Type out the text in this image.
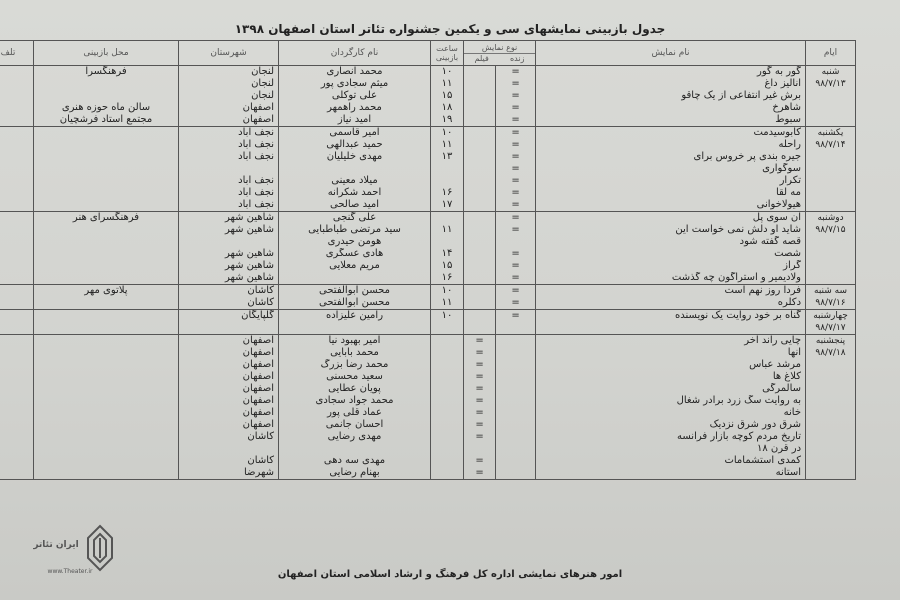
جدول بازبینی نمایشهای سی و یکمین جشنواره تئاتر استان اصفهان ۱۳۹۸
ایام	نام نمایش	نوع نمایش
زنده
فیلم		ساعت بازبینی	نام کارگردان	شهرستان	محل بازبینی	تلف

شنبه
۹۸/۷/۱۳	گور به گور	=		۱۰	محمد انصاری	لنجان	فرهنگسرا	
	آناليز داغ	=		۱۱	میثم سجادی پور	لنجان		
	برش غیر انتفاعی از یک چاقو	=		۱۵	علی توکلی	لنجان		
	شاهرخ	=		۱۸	محمد راهمهر	اصفهان	سالن ماه حوزه هنری	
	سبوط	=		۱۹	امید نیاز	اصفهان	مجتمع استاد فرشچیان	

یکشنبه
۹۸/۷/۱۴	کابوسیدمت	=		۱۰	امیر قاسمی	نجف آباد		
	راحله	=		۱۱	حمید عبدالهی	نجف آباد		
	جیره بندی پر خروس برای	=		۱۳	مهدی خلیلیان	نجف آباد		
	سوگواری	=						
	تکرار	=			میلاد معینی	نجف آباد		
	مه لقا	=		۱۶	احمد شکرانه	نجف آباد		
	هیولاخوانی	=		۱۷	امید صالحی	نجف آباد		

دوشنبه
۹۸/۷/۱۵	آن سوی پل	=			علی گنجی	شاهین شهر	فرهنگسرای هنر	
	شاید او دلش نمی خواست این	=		۱۱	سید مرتضی طباطبایی	شاهین شهر		
	قصه گفته شود				هومن حیدری			
	شصت	=		۱۴	هادی عسگری	شاهین شهر		
	گراز	=		۱۵	مریم معلایی	شاهین شهر		
	ولادیمیر و استراگون چه گذشت	=		۱۶		شاهین شهر		

سه شنبه
۹۸/۷/۱۶	فردا روز نهم است	=		۱۰	محسن ابوالفتحی	کاشان	پلاتوی مهر	
	دکلره	=		۱۱	محسن ابوالفتحی	کاشان		

چهارشنبه
۹۸/۷/۱۷	گناه بر خود روایت یک نویسنده	=		۱۰	رامین علیزاده	گلپایگان		

پنجشنبه
۹۸/۷/۱۸	چایی راند آخر		=		امیر بهبود نیا	اصفهان		
	آنها		=		محمد بابایی	اصفهان		
	مرشد عباس		=		محمد رضا بزرگ	اصفهان		
	کلاغ ها		=		سعید محسنی	اصفهان		
	سالمرگی		=		پویان عطایی	اصفهان		
	به روایت سگ زرد برادر شغال		=		محمد جواد سجادی	اصفهان		
	خانه		=		عماد قلی پور	اصفهان		
	شرق دور شرق نزدیک		=		احسان جانمی	اصفهان		
	تاریخ مردم کوچه بازار فرانسه		=		مهدی رضایی	کاشان		
	در قرن ۱۸							
	کمدی استشمامات		=		مهدی سه دهی	کاشان		
	آستانه		=		بهنام رضایی	شهرضا		

امور هنرهای نمایشی اداره کل فرهنگ و ارشاد اسلامی استان اصفهان
ایران تئاتر
www.Theater.ir
